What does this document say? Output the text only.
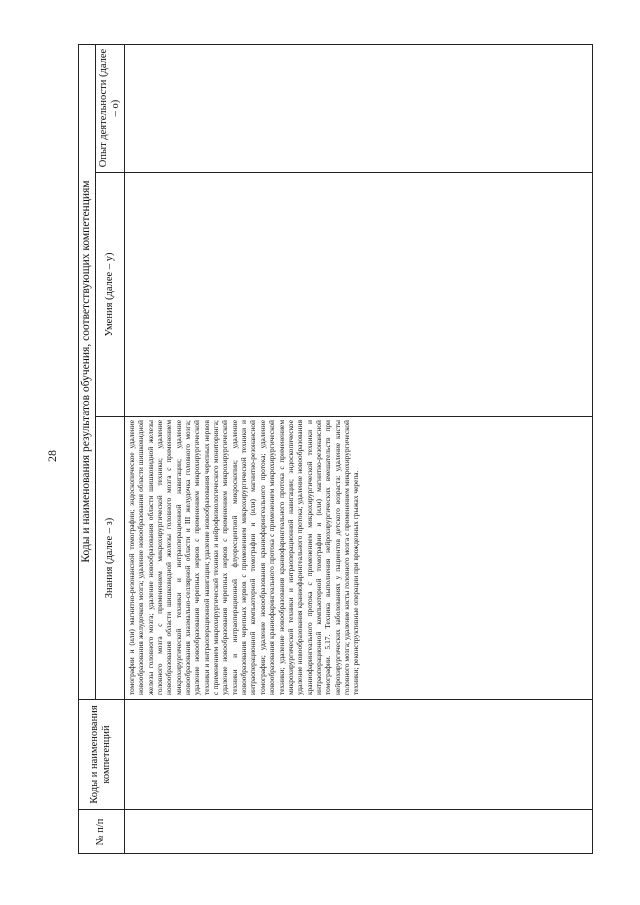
28
№ п/п
Коды и наименования компетенций
Коды и наименования результатов обучения, соответствующих компетенциям	Знания (далее – з)
Умения (далее – у)
Опыт деятельности (далее – о)

томографии и (или) магнитно-резонансной томографии; эндоскопическое удаление новообразования желудочков мозга; удаление новообразования области шишковидной железы головного мозга; удаление новообразования области шишковидной железы головного мозга с применением микрохирургической техники; удаление новообразования области шишковидной железы головного мозга с применением микрохирургической техники и интраоперационной навигации; удаление новообразования хиазмально-селлярной области и III желудочка головного мозга; удаление новообразования черепных нервов с применением микрохирургической техники и интраоперационной навигации; удаление новообразования черепных нервов с применением микрохирургической техники и нейрофизиологического мониторинга; удаление новообразования черепных нервов с применением микрохирургической техники и интраоперационной флуоресцентной микроскопии; удаление новообразования черепных нервов с применением микрохирургической техники и интраоперационной компьютерной томографии и (или) магнитно-резонансной томографии; удаление новообразования краниофарингеального протока; удаление новообразования краниофарингеального протока с применением микрохирургической техники; удаление новообразования краниофарингеального протока с применением микрохирургической техники и интраоперационной навигации; эндоскопическое удаление новообразования краниофарингеального протока; удаление новообразования краниофарингеального протока с применением микрохирургической техники и интраоперационной компьютерной томографии и (или) магнитно-резонансной томографии. 5.17. Техника выполнения нейрохирургических вмешательств при нейрохирургических заболеваниях у пациентов детского возраста: удаление кисты головного мозга; удаление кисты головного мозга с применением микрохирургической техники; реконструктивные операции при врожденных грыжах черепа.
